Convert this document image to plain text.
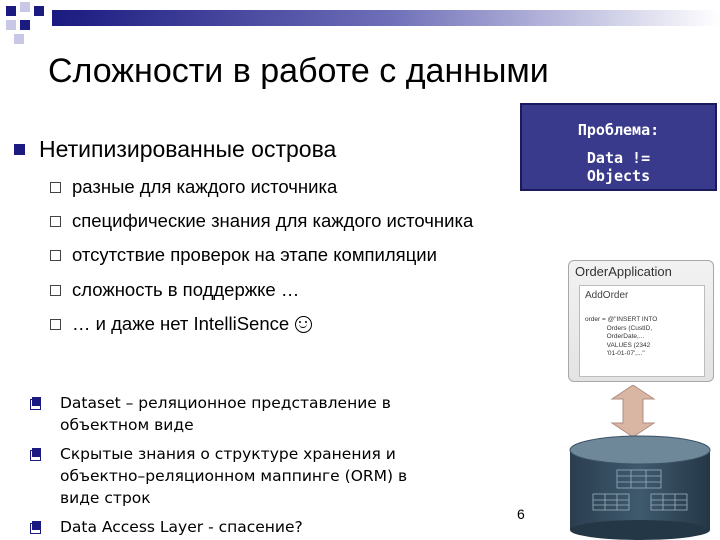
Сложности в работе с данными
Нетипизированные острова
разные для каждого источника
специфические знания для каждого источника
отсутствие проверок на этапе компиляции
сложность в поддержке …
… и даже нет IntelliSence
Проблема:
Data !=
Objects
Dataset – реляционное представление в
объектном виде
Скрытые знания о структуре хранения и
объектно–реляционном маппинге (ORM) в
виде строк
Data Access Layer - спасение?
6
OrderApplication
AddOrder
order = @"INSERT INTO
Orders (CustID,
OrderDate,...
VALUES (2342
'01-01-07',..."
